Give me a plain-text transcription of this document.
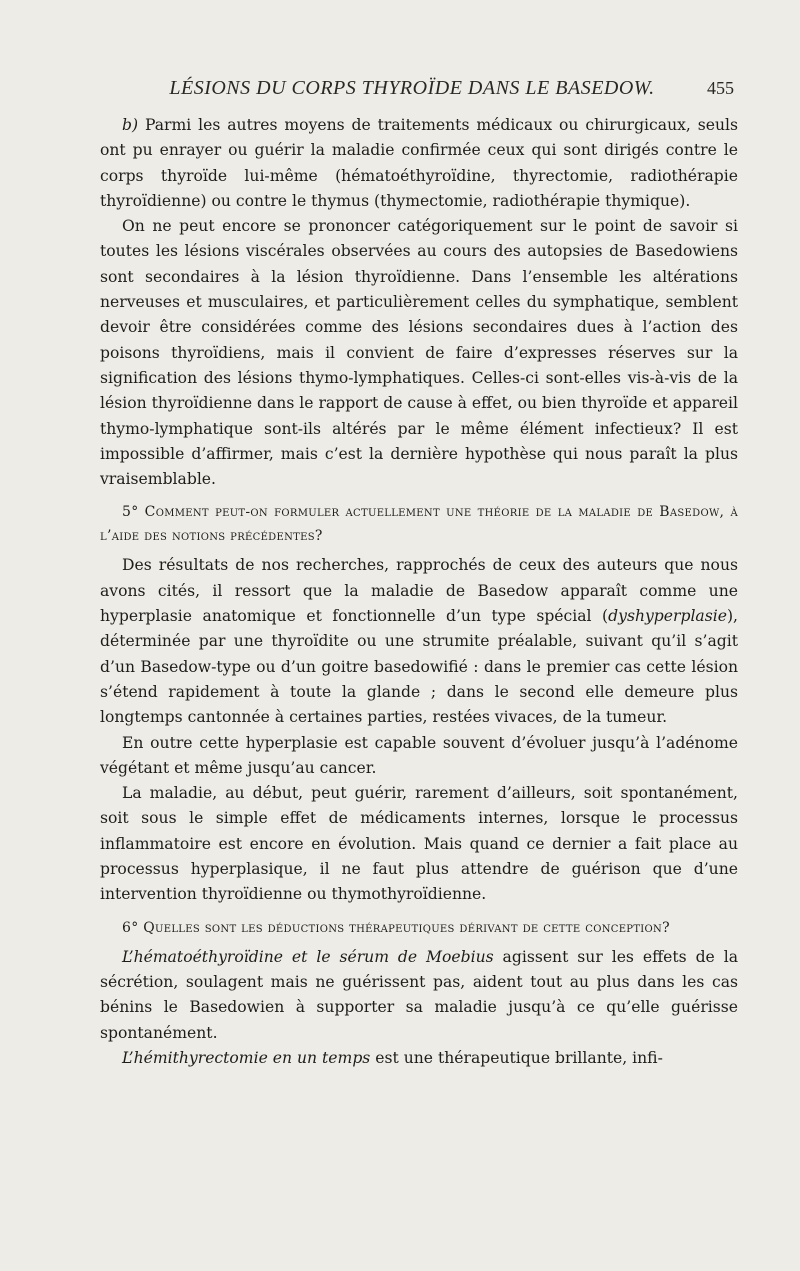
LÉSIONS DU CORPS THYROÏDE DANS LE BASEDOW.	455

b) Parmi les autres moyens de traitements médicaux ou chirurgicaux, seuls ont pu enrayer ou guérir la maladie confirmée ceux qui sont dirigés contre le corps thyroïde lui-même (hématoéthyroïdine, thyrectomie, radiothérapie thyroïdienne) ou contre le thymus (thymectomie, radiothérapie thymique).

On ne peut encore se prononcer catégoriquement sur le point de savoir si toutes les lésions viscérales observées au cours des autopsies de Basedowiens sont secondaires à la lésion thyroïdienne. Dans l’ensemble les altérations nerveuses et musculaires, et particulièrement celles du symphatique, semblent devoir être considérées comme des lésions secondaires dues à l’action des poisons thyroïdiens, mais il convient de faire d’expresses réserves sur la signification des lésions thymo-lymphatiques. Celles-ci sont-elles vis-à-vis de la lésion thyroïdienne dans le rapport de cause à effet, ou bien thyroïde et appareil thymo-lymphatique sont-ils altérés par le même élément infectieux? Il est impossible d’affirmer, mais c’est la dernière hypothèse qui nous paraît la plus vraisemblable.

5° Comment peut-on formuler actuellement une théorie de la maladie de Basedow, à l’aide des notions précédentes?

Des résultats de nos recherches, rapprochés de ceux des auteurs que nous avons cités, il ressort que la maladie de Basedow apparaît comme une hyperplasie anatomique et fonctionnelle d’un type spécial (dyshyperplasie), déterminée par une thyroïdite ou une strumite préalable, suivant qu’il s’agit d’un Basedow-type ou d’un goitre basedowifié : dans le premier cas cette lésion s’étend rapidement à toute la glande ; dans le second elle demeure plus longtemps cantonnée à certaines parties, restées vivaces, de la tumeur.

En outre cette hyperplasie est capable souvent d’évoluer jusqu’à l’adénome végétant et même jusqu’au cancer.

La maladie, au début, peut guérir, rarement d’ailleurs, soit spontanément, soit sous le simple effet de médicaments internes, lorsque le processus inflammatoire est encore en évolution. Mais quand ce dernier a fait place au processus hyperplasique, il ne faut plus attendre de guérison que d’une intervention thyroïdienne ou thymothyroïdienne.

6° Quelles sont les déductions thérapeutiques dérivant de cette conception?

L’hématoéthyroïdine et le sérum de Moebius agissent sur les effets de la sécrétion, soulagent mais ne guérissent pas, aident tout au plus dans les cas bénins le Basedowien à supporter sa maladie jusqu’à ce qu’elle guérisse spontanément.

L’hémithyrectomie en un temps est une thérapeutique brillante, infi-
